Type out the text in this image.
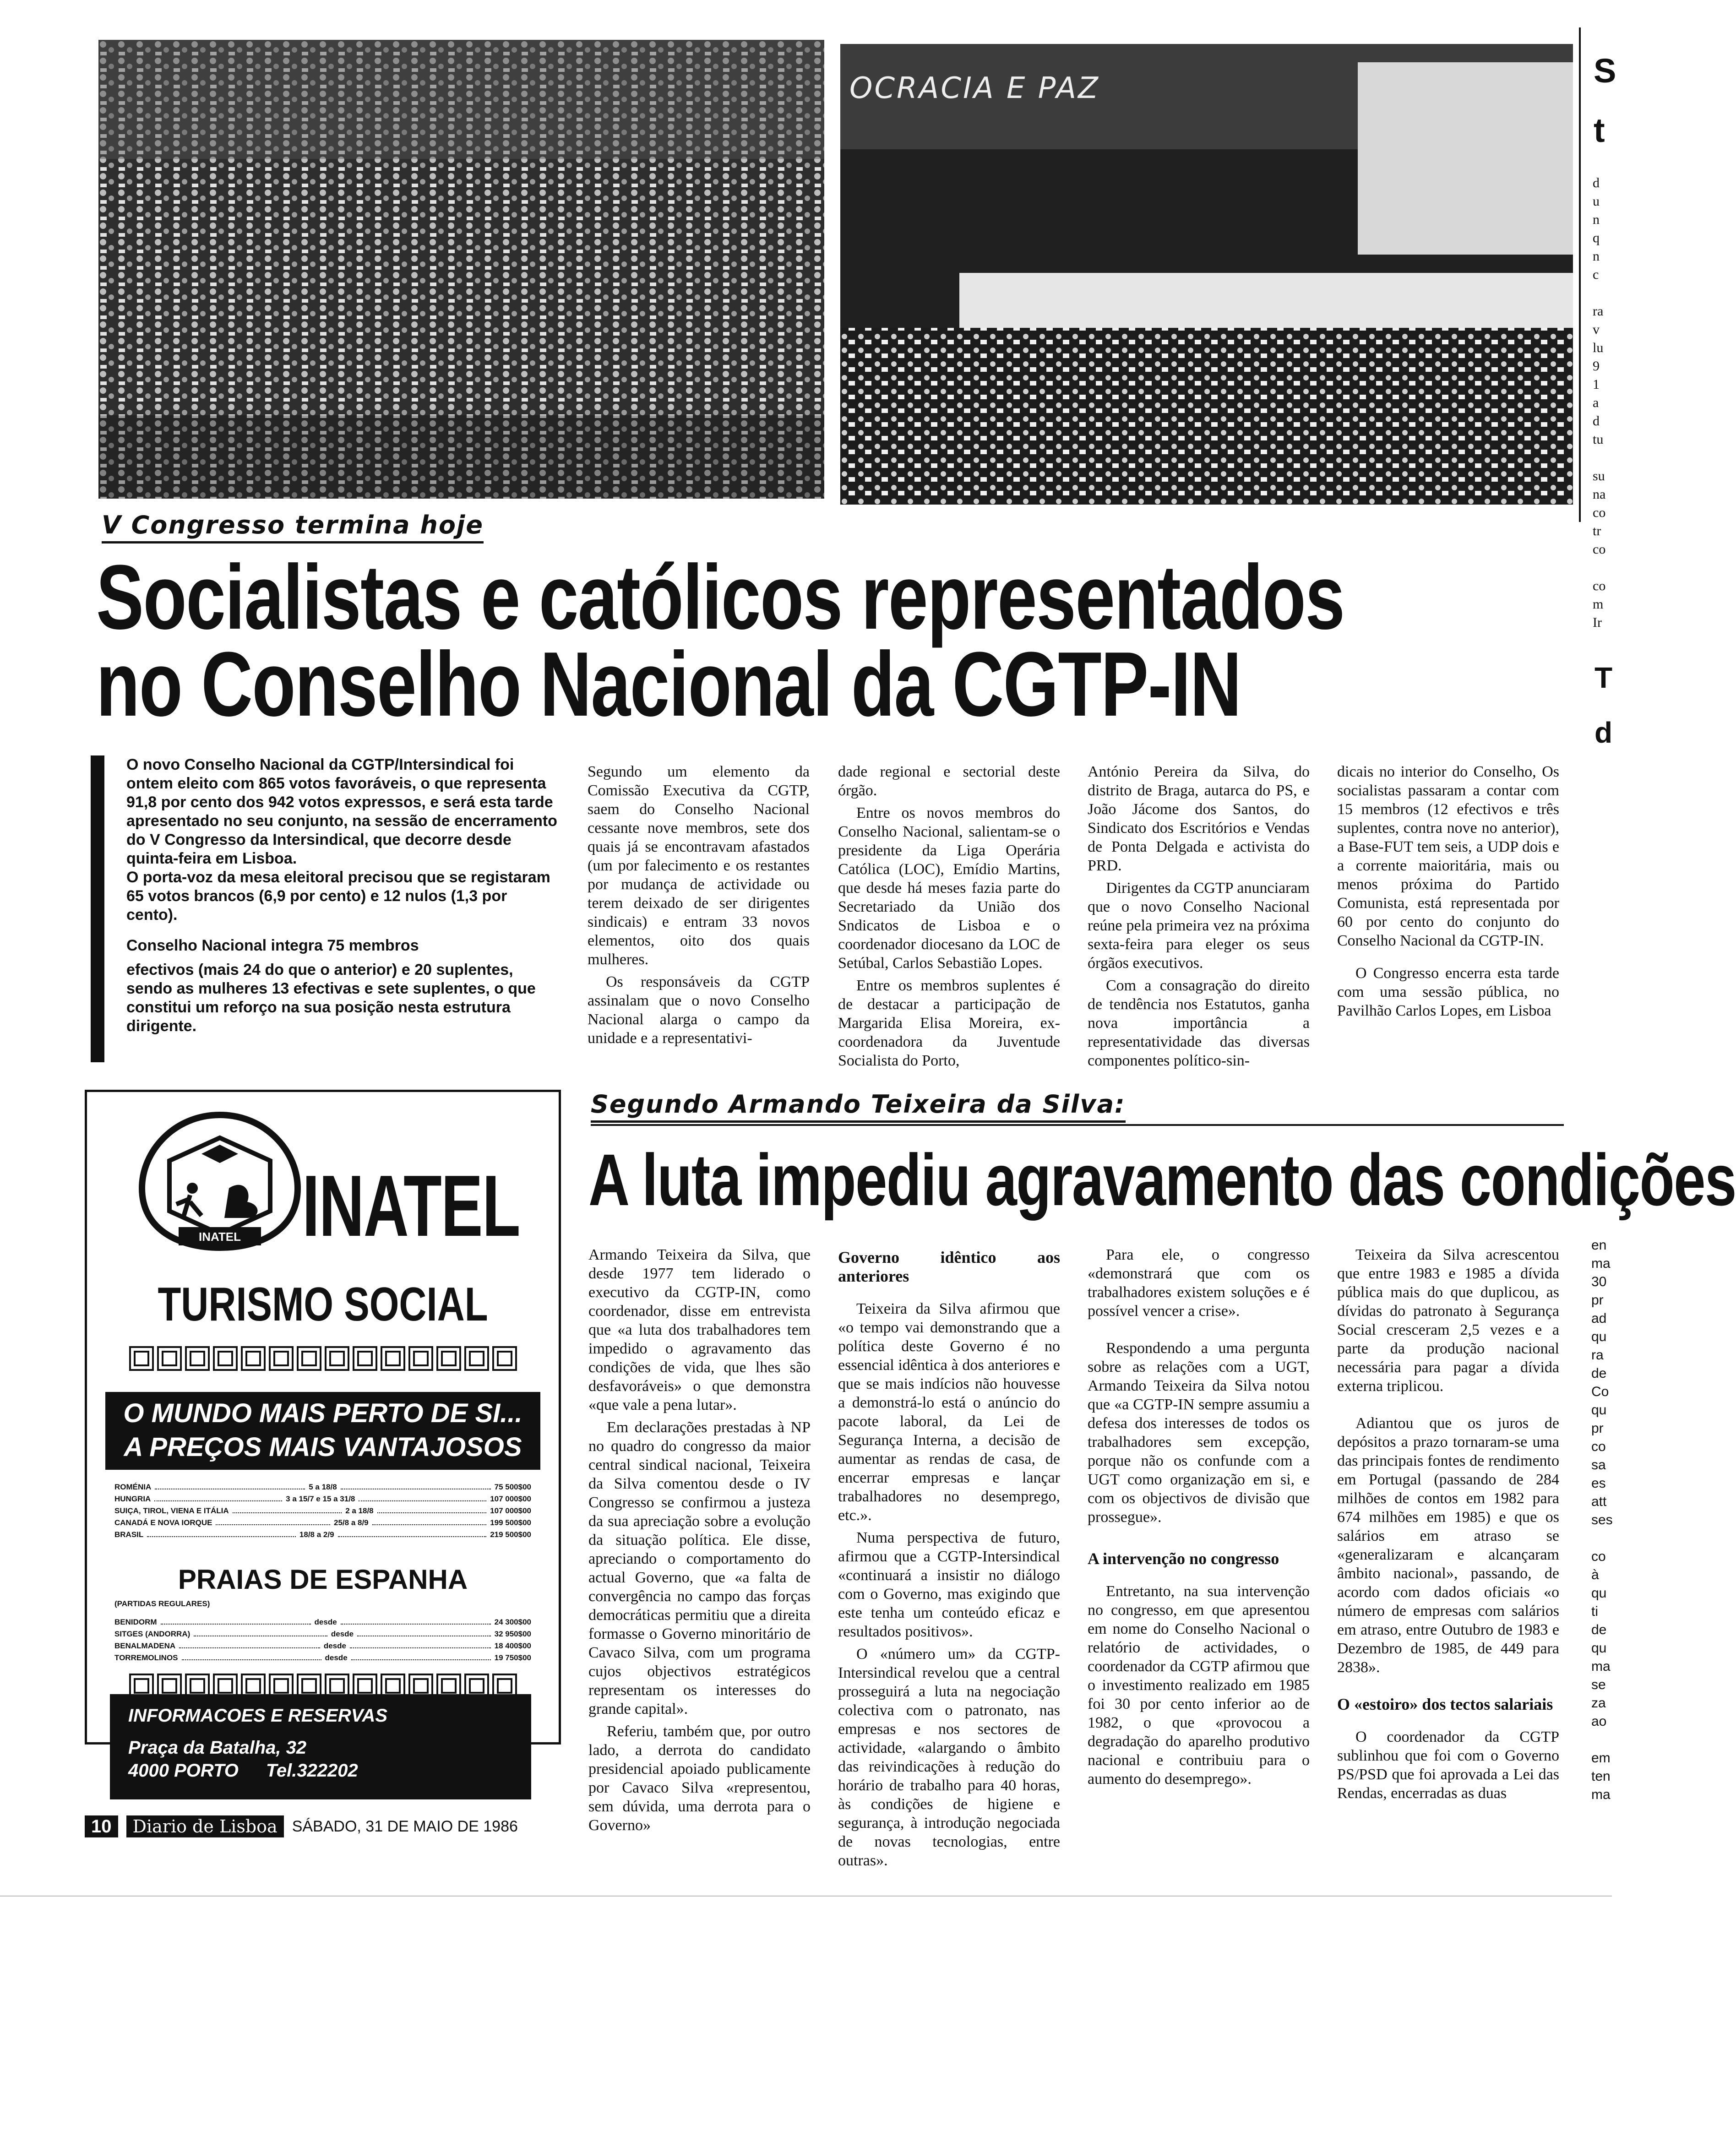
OCRACIA E PAZ
V Congresso termina hoje
Socialistas e católicos representados
no Conselho Nacional da CGTP-IN

O novo Conselho Nacional da CGTP/Intersindical foi ontem eleito com 865 votos favoráveis, o que representa 91,8 por cento dos 942 votos expressos, e será esta tarde apresentado no seu conjunto, na sessão de encerramento do V Congresso da Intersindical, que decorre desde quinta-feira em Lisboa.

O porta-voz da mesa eleitoral precisou que se registaram 65 votos brancos (6,9 por cento) e 12 nulos (1,3 por cento).

Conselho Nacional integra 75 membros

efectivos (mais 24 do que o anterior) e 20 suplentes, sendo as mulheres 13 efectivas e sete suplentes, o que constitui um reforço na sua posição nesta estrutura dirigente.

Segundo um elemento da Comissão Executiva da CGTP, saem do Conselho Nacional cessante nove membros, sete dos quais já se encontravam afastados (um por falecimento e os restantes por mudança de actividade ou terem deixado de ser dirigentes sindicais) e entram 33 novos elementos, oito dos quais mulheres.

Os responsáveis da CGTP assinalam que o novo Conselho Nacional alarga o campo da unidade e a representativi-

dade regional e sectorial deste órgão.

Entre os novos membros do Conselho Nacional, salientam-se o presidente da Liga Operária Católica (LOC), Emídio Martins, que desde há meses fazia parte do Secretariado da União dos Sndicatos de Lisboa e o coordenador diocesano da LOC de Setúbal, Carlos Sebastião Lopes.

Entre os membros suplentes é de destacar a participação de Margarida Elisa Moreira, ex-coordenadora da Juventude Socialista do Porto,

António Pereira da Silva, do distrito de Braga, autarca do PS, e João Jácome dos Santos, do Sindicato dos Escritórios e Vendas de Ponta Delgada e activista do PRD.

Dirigentes da CGTP anunciaram que o novo Conselho Nacional reúne pela primeira vez na próxima sexta-feira para eleger os seus órgãos executivos.

Com a consagração do direito de tendência nos Estatutos, ganha nova importância a representatividade das diversas componentes político-sin-

dicais no interior do Conselho, Os socialistas passaram a contar com 15 membros (12 efectivos e três suplentes, contra nove no anterior), a Base-FUT tem seis, a UDP dois e a corrente maioritária, mais ou menos próxima do Partido Comunista, está representada por 60 por cento do conjunto do Conselho Nacional da CGTP-IN.

O Congresso encerra esta tarde com uma sessão pública, no Pavilhão Carlos Lopes, em Lisboa

INATEL INATEL
TURISMO SOCIAL
O MUNDO MAIS PERTO DE SI...
A PREÇOS MAIS VANTAJOSOS
ROMÉNIA	5 a 18/8	75 500$00
HUNGRIA	3 a 15/7 e 15 a 31/8	107 000$00
SUIÇA, TIROL, VIENA E ITÁLIA	2 a 18/8	107 000$00
CANADÁ E NOVA IORQUE	25/8 a 8/9	199 500$00
BRASIL	18/8 a 2/9	219 500$00
PRAIAS DE ESPANHA
(PARTIDAS REGULARES)
BENIDORM	desde	24 300$00
SITGES (ANDORRA)	desde	32 950$00
BENALMADENA	desde	18 400$00
TORREMOLINOS	desde	19 750$00
INFORMACOES E RESERVAS
Praça da Batalha, 32
4000 PORTO Tel.322202
Segundo Armando Teixeira da Silva:
A luta impediu agravamento das condições

Armando Teixeira da Silva, que desde 1977 tem liderado o executivo da CGTP-IN, como coordenador, disse em entrevista que «a luta dos trabalhadores tem impedido o agravamento das condições de vida, que lhes são desfavoráveis» o que demonstra «que vale a pena lutar».

Em declarações prestadas à NP no quadro do congresso da maior central sindical nacional, Teixeira da Silva comentou desde o IV Congresso se confirmou a justeza da sua apreciação sobre a evolução da situação política. Ele disse, apreciando o comportamento do actual Governo, que «a falta de convergência no campo das forças democráticas permitiu que a direita formasse o Governo minoritário de Cavaco Silva, com um programa cujos objectivos estratégicos representam os interesses do grande capital».

Referiu, também que, por outro lado, a derrota do candidato presidencial apoiado publicamente por Cavaco Silva «representou, sem dúvida, uma derrota para o Governo»

Governo idêntico aos anteriores

Teixeira da Silva afirmou que «o tempo vai demonstrando que a política deste Governo é no essencial idêntica à dos anteriores e que se mais indícios não houvesse a demonstrá-lo está o anúncio do pacote laboral, da Lei de Segurança Interna, a decisão de aumentar as rendas de casa, de encerrar empresas e lançar trabalhadores no desemprego, etc.».

Numa perspectiva de futuro, afirmou que a CGTP-Intersindical «continuará a insistir no diálogo com o Governo, mas exigindo que este tenha um conteúdo eficaz e resultados positivos».

O «número um» da CGTP-Intersindical revelou que a central prosseguirá a luta na negociação colectiva com o patronato, nas empresas e nos sectores de actividade, «alargando o âmbito das reivindicações à redução do horário de trabalho para 40 horas, às condições de higiene e segurança, à introdução negociada de novas tecnologias, entre outras».

Para ele, o congresso «demonstrará que com os trabalhadores existem soluções e é possível vencer a crise».

Respondendo a uma pergunta sobre as relações com a UGT, Armando Teixeira da Silva notou que «a CGTP-IN sempre assumiu a defesa dos interesses de todos os trabalhadores sem excepção, porque não os confunde com a UGT como organização em si, e com os objectivos de divisão que prossegue».

A intervenção no congresso

Entretanto, na sua intervenção no congresso, em que apresentou em nome do Conselho Nacional o relatório de actividades, o coordenador da CGTP afirmou que o investimento realizado em 1985 foi 30 por cento inferior ao de 1982, o que «provocou a degradação do aparelho produtivo nacional e contribuiu para o aumento do desemprego».

Teixeira da Silva acrescentou que entre 1983 e 1985 a dívida pública mais do que duplicou, as dívidas do patronato à Segurança Social cresceram 2,5 vezes e a parte da produção nacional necessária para pagar a dívida externa triplicou.

Adiantou que os juros de depósitos a prazo tornaram-se uma das principais fontes de rendimento em Portugal (passando de 284 milhões de contos em 1982 para 674 milhões em 1985) e que os salários em atraso se «generalizaram e alcançaram âmbito nacional», passando, de acordo com dados oficiais «o número de empresas com salários em atraso, entre Outubro de 1983 e Dezembro de 1985, de 449 para 2838».

O «estoiro» dos tectos salariais

O coordenador da CGTP sublinhou que foi com o Governo PS/PSD que foi aprovada a Lei das Rendas, encerradas as duas

10	Diario de Lisboa SÁBADO, 31 DE MAIO DE 1986
S
t
d
u
n
q
n
c

ra
v
lu
9
1
a
d
tu

su
na
co
tr
co

co
m
Ir
T
d
en
ma
30
pr
ad
qu
ra
de
Co
qu
pr
co
sa
es
att
ses

co
à
qu
ti
de
qu
ma
se
za
ao

em
ten
ma
